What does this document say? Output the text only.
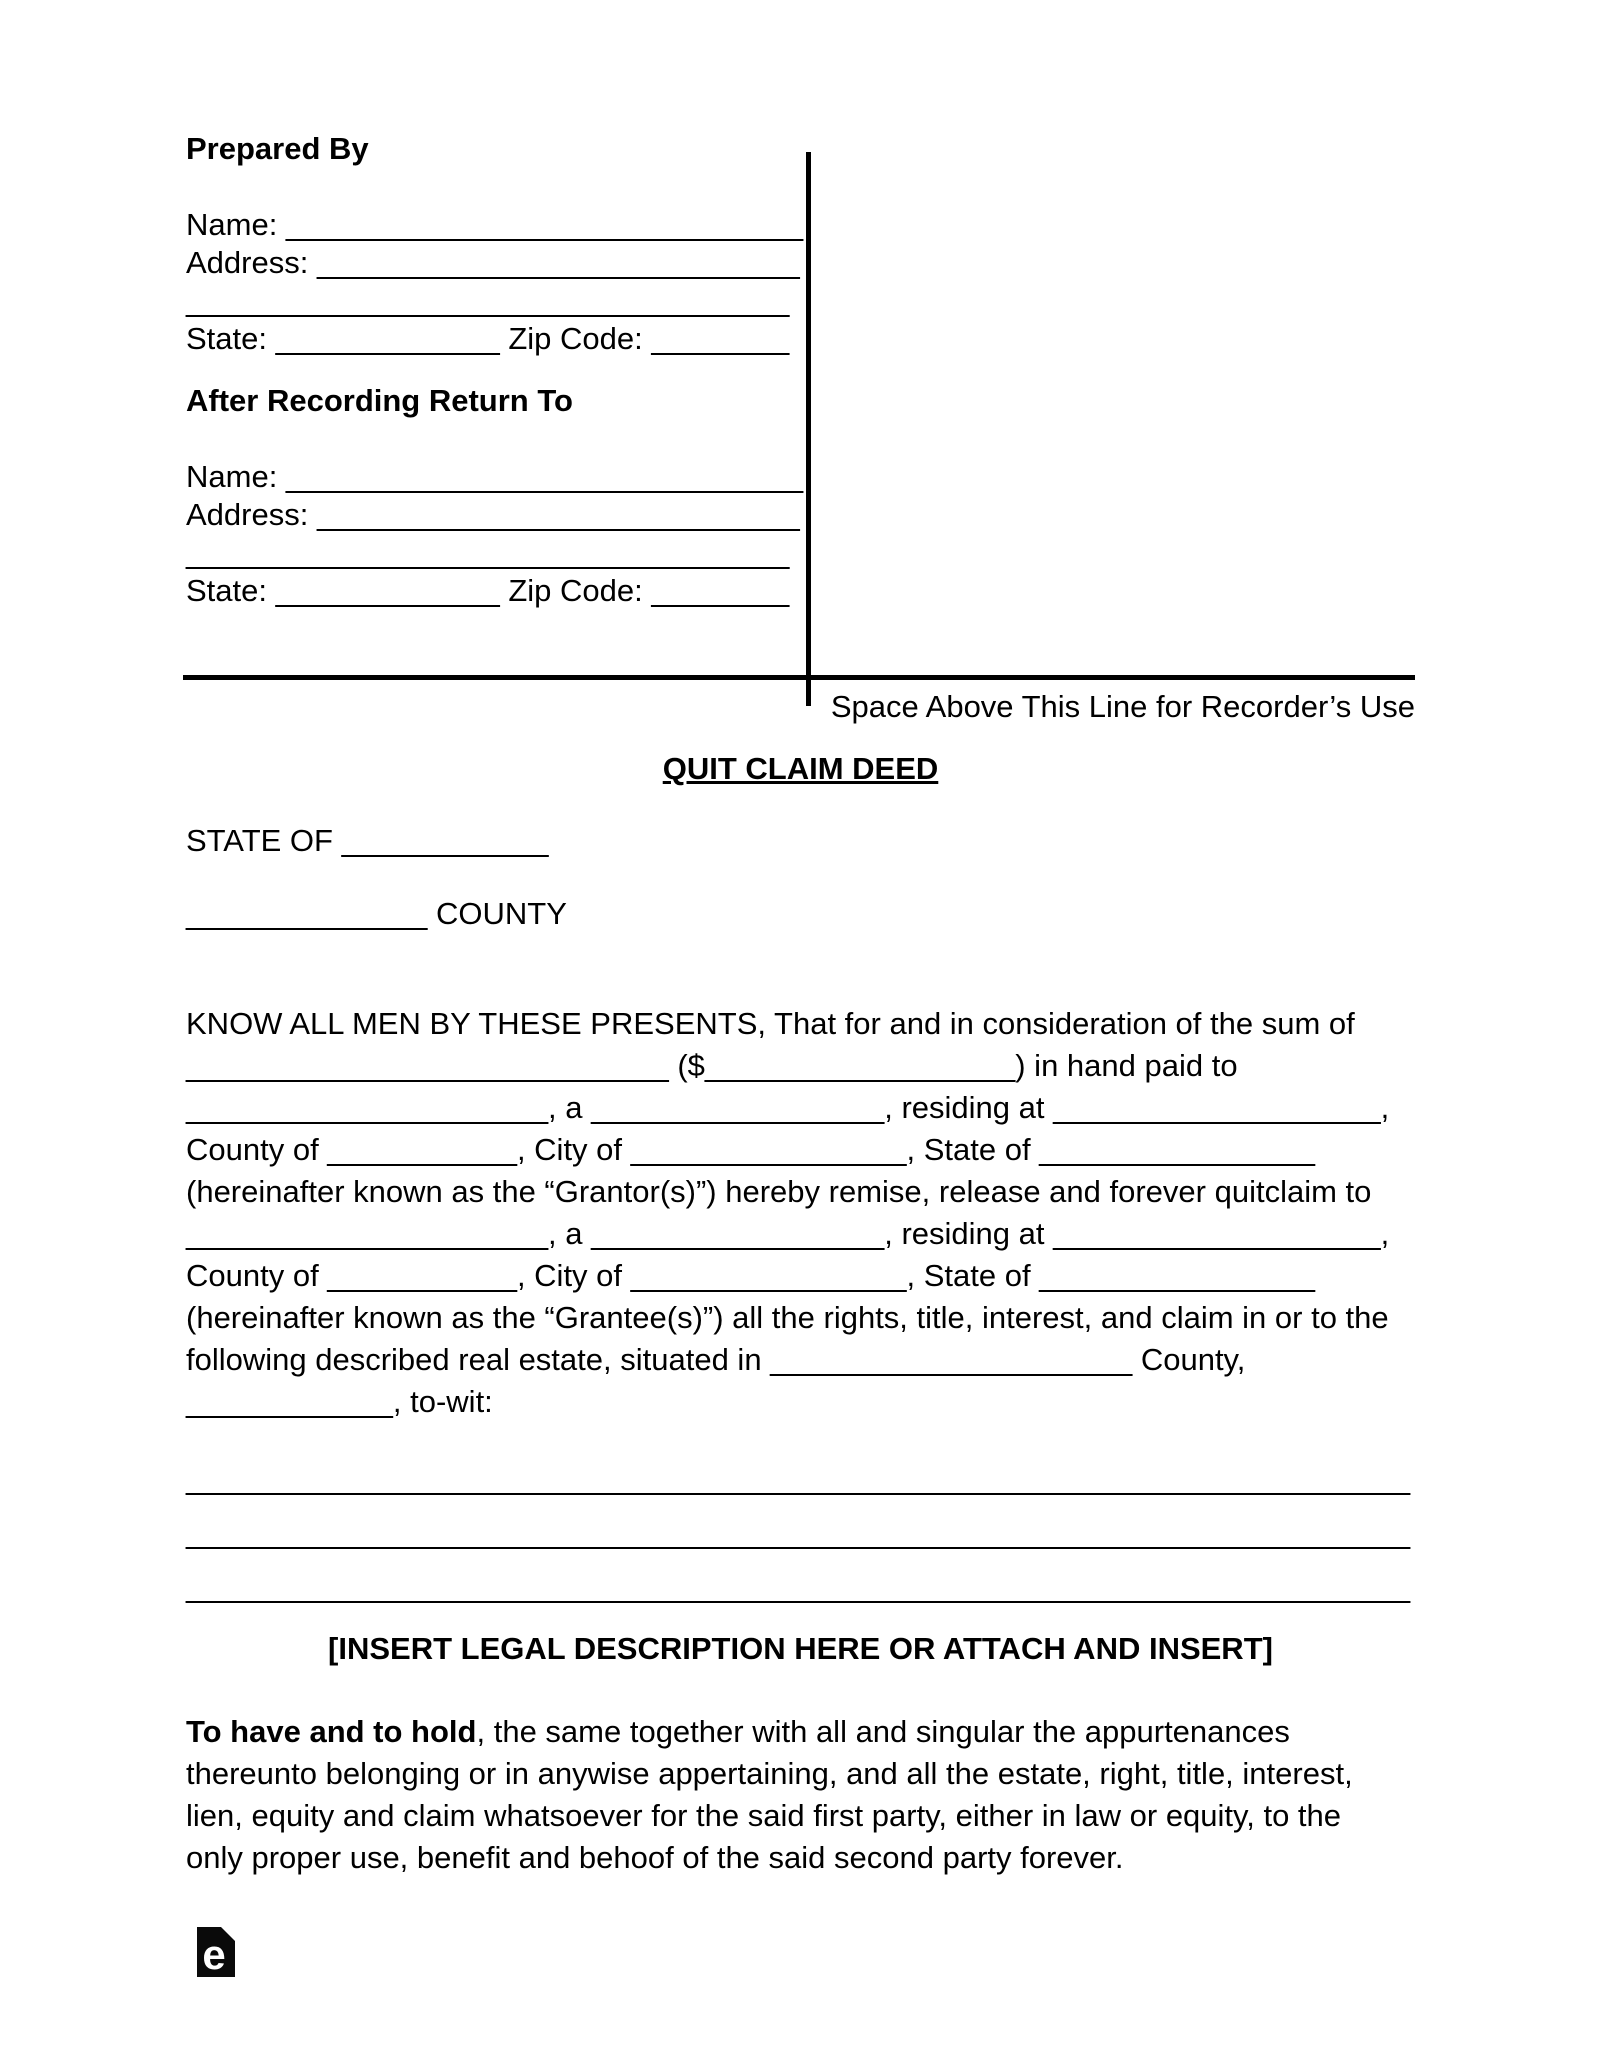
Prepared By
Name: ______________________________
Address: ____________________________
___________________________________
State: _____________ Zip Code: ________
After Recording Return To
Name: ______________________________
Address: ____________________________
___________________________________
State: _____________ Zip Code: ________
Space Above This Line for Recorder’s Use
QUIT CLAIM DEED
STATE OF ____________
______________ COUNTY
KNOW ALL MEN BY THESE PRESENTS, That for and in consideration of the sum of
____________________________ ($__________________) in hand paid to
_____________________, a _________________, residing at ___________________,
County of ___________, City of ________________, State of ________________
(hereinafter known as the “Grantor(s)”) hereby remise, release and forever quitclaim to
_____________________, a _________________, residing at ___________________,
County of ___________, City of ________________, State of ________________
(hereinafter known as the “Grantee(s)”) all the rights, title, interest, and claim in or to the
following described real estate, situated in _____________________ County,
____________, to-wit:
_______________________________________________________________________
_______________________________________________________________________
_______________________________________________________________________
[INSERT LEGAL DESCRIPTION HERE OR ATTACH AND INSERT]
To have and to hold, the same together with all and singular the appurtenances
thereunto belonging or in anywise appertaining, and all the estate, right, title, interest,
lien, equity and claim whatsoever for the said first party, either in law or equity, to the
only proper use, benefit and behoof of the said second party forever.
e
